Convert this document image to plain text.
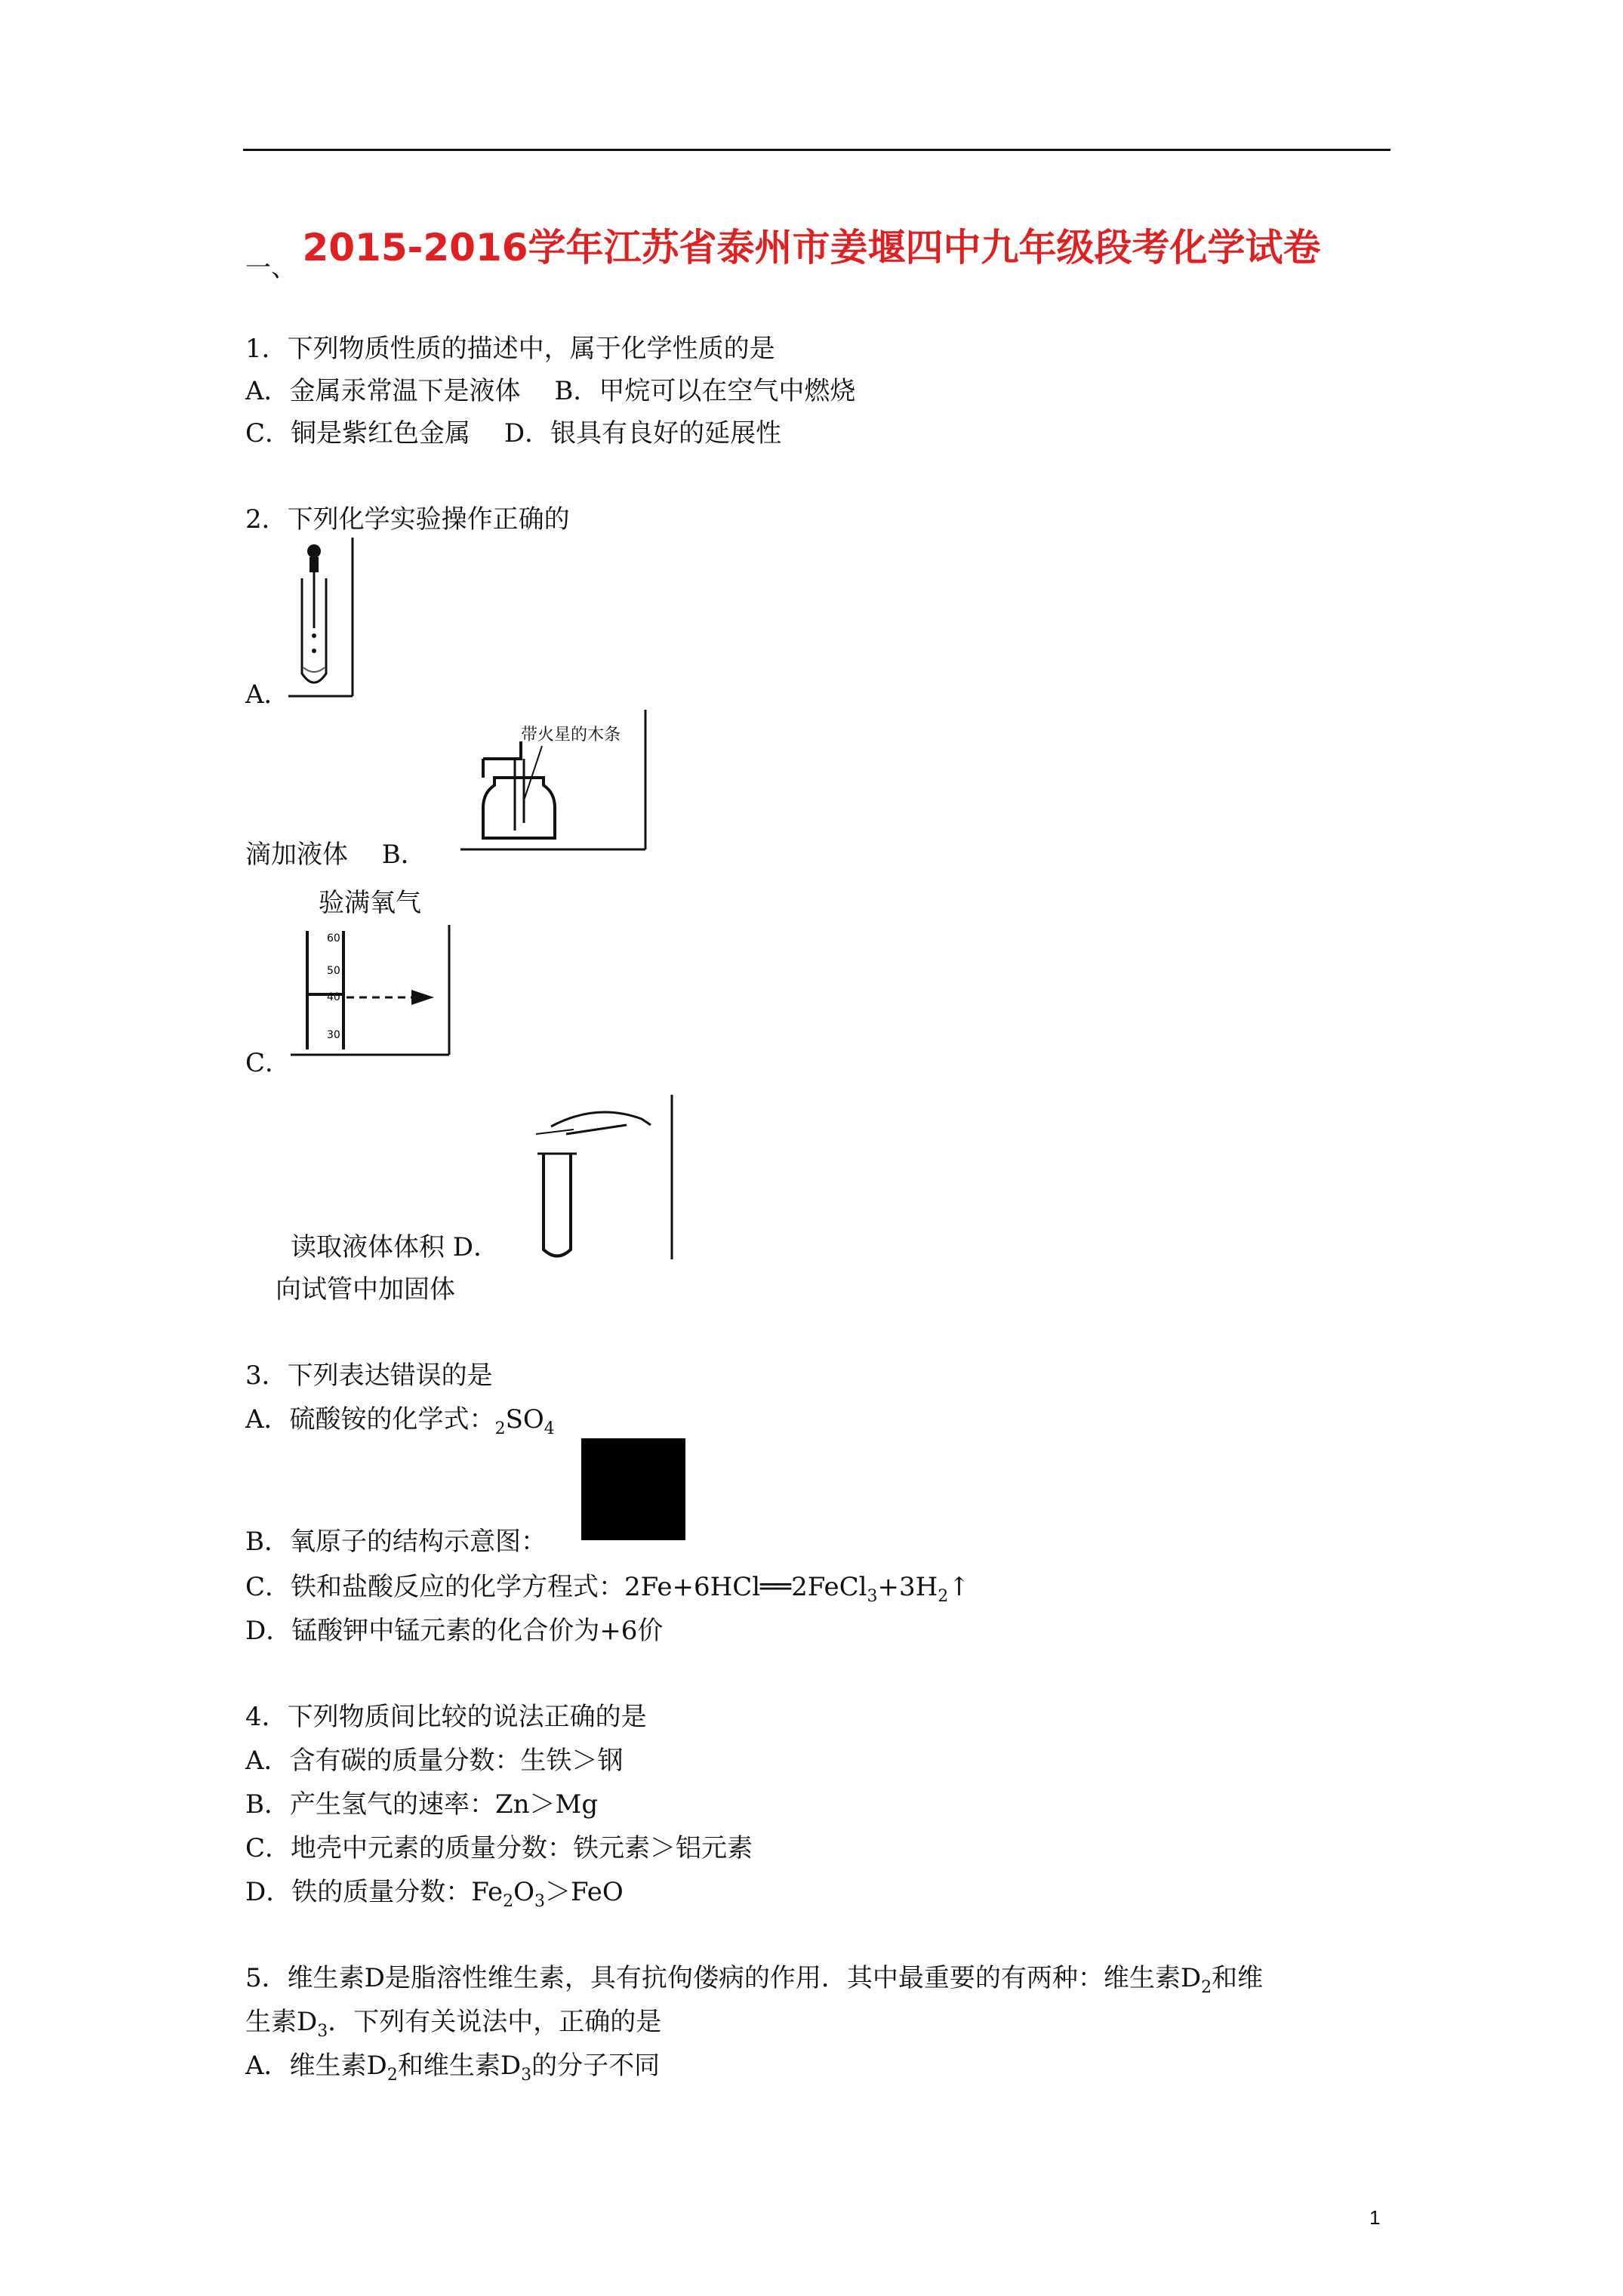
2015-2016学年江苏省泰州市姜堰四中九年级段考化学试卷
一、
1．下列物质性质的描述中，属于化学性质的是
A．金属汞常温下是液体　 B．甲烷可以在空气中燃烧
C．铜是紫红色金属　 D．银具有良好的延展性
2．下列化学实验操作正确的
A．
带火星的木条
滴加液体　 B．
验满氧气
60
50
40
30
C．
读取液体体积 D．
向试管中加固体
3．下列表达错误的是
A．硫酸铵的化学式：$_2SO_4$
B．氧原子的结构示意图：
C．铁和盐酸反应的化学方程式：$2Fe+6HCl══2FeCl_3+3H_2↑$
D．锰酸钾中锰元素的化合价为+6价
4．下列物质间比较的说法正确的是
A．含有碳的质量分数：生铁＞钢
B．产生氢气的速率：Zn＞Mg
C．地壳中元素的质量分数：铁元素＞铝元素
D．铁的质量分数：$Fe_2O_3>FeO$
5．维生素D是脂溶性维生素，具有抗佝偻病的作用．其中最重要的有两种：维生素$D_2$和维
生素$D_3$．下列有关说法中，正确的是
A．维生素$D_2$和维生素$D_3$的分子不同
1
